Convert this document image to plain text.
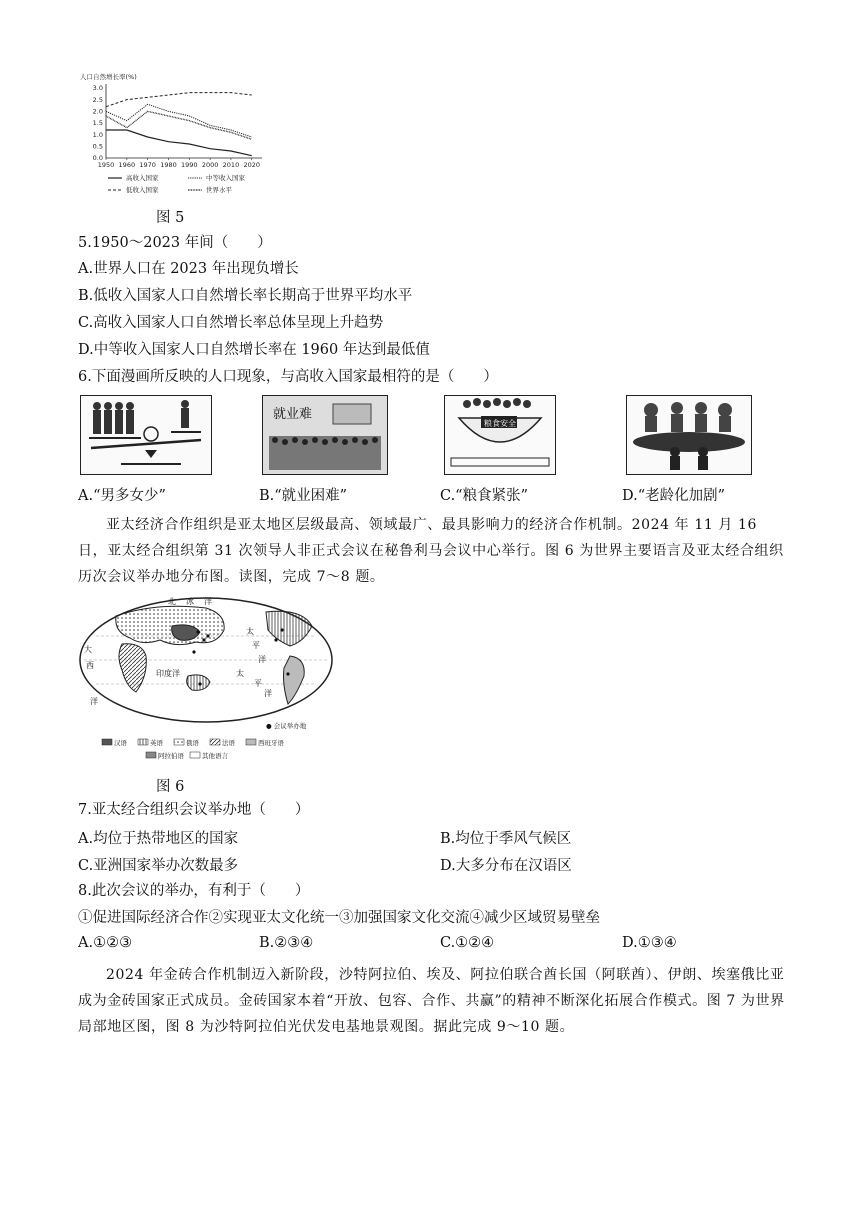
人口自然增长率(%)
0.0
0.5
1.0
1.5
2.0
2.5
3.0
1950 1960 1970 1980 1990 2000 2010 2020
高收入国家	中等收入国家
低收入国家	世界水平
图 5
5.1950～2023 年间（　　）
A.世界人口在 2023 年出现负增长
B.低收入国家人口自然增长率长期高于世界平均水平
C.高收入国家人口自然增长率总体呈现上升趋势
D.中等收入国家人口自然增长率在 1960 年达到最低值
6.下面漫画所反映的人口现象，与高收入国家最相符的是（　　）
就业难
粮食安全
A.“男多女少”	B.“就业困难”	C.“粮食紧张”	D.“老龄化加剧”
亚太经济合作组织是亚太地区层级最高、领域最广、最具影响力的经济合作机制。2024 年 11 月 16 日，亚太经合组织第 31 次领导人非正式会议在秘鲁利马会议中心举行。图 6 为世界主要语言及亚太经合组织历次会议举办地分布图。读图，完成 7～8 题。
北 冰 洋
太
平
洋
印度洋	太
平
洋
大
西
洋
● 会议举办地
汉语	英语	俄语	法语	西班牙语
阿拉伯语	其他语言
图 6
7.亚太经合组织会议举办地（　　）
A.均位于热带地区的国家	B.均位于季风气候区
C.亚洲国家举办次数最多	D.大多分布在汉语区
8.此次会议的举办，有利于（　　）
①促进国际经济合作②实现亚太文化统一③加强国家文化交流④减少区域贸易壁垒
A.①②③	B.②③④	C.①②④	D.①③④
2024 年金砖合作机制迈入新阶段，沙特阿拉伯、埃及、阿拉伯联合酋长国（阿联酋）、伊朗、埃塞俄比亚成为金砖国家正式成员。金砖国家本着“开放、包容、合作、共赢”的精神不断深化拓展合作模式。图 7 为世界局部地区图，图 8 为沙特阿拉伯光伏发电基地景观图。据此完成 9～10 题。
